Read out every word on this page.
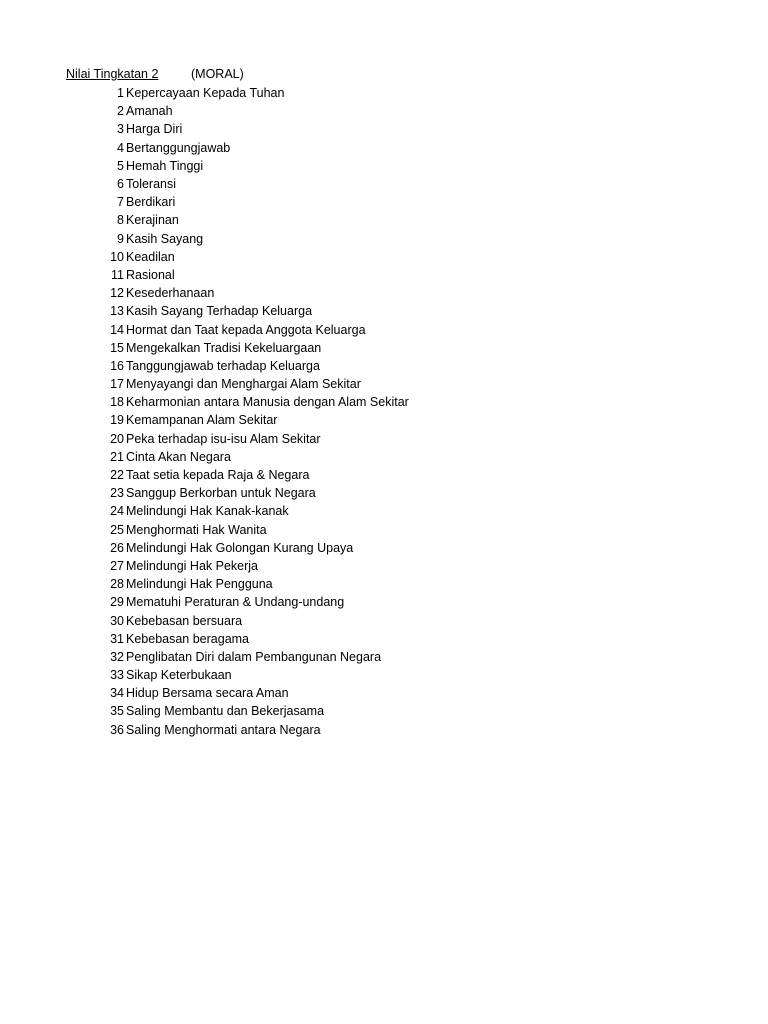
Nilai Tingkatan 2	(MORAL)
1 Kepercayaan Kepada Tuhan
2 Amanah
3 Harga Diri
4 Bertanggungjawab
5 Hemah Tinggi
6 Toleransi
7 Berdikari
8 Kerajinan
9 Kasih Sayang
10 Keadilan
11 Rasional
12 Kesederhanaan
13 Kasih Sayang Terhadap Keluarga
14 Hormat dan Taat kepada Anggota Keluarga
15 Mengekalkan Tradisi Kekeluargaan
16 Tanggungjawab terhadap Keluarga
17 Menyayangi dan Menghargai Alam Sekitar
18 Keharmonian antara Manusia dengan Alam Sekitar
19 Kemampanan Alam Sekitar
20 Peka terhadap isu-isu Alam Sekitar
21 Cinta Akan Negara
22 Taat setia kepada Raja & Negara
23 Sanggup Berkorban untuk Negara
24 Melindungi Hak Kanak-kanak
25 Menghormati Hak Wanita
26 Melindungi Hak Golongan Kurang Upaya
27 Melindungi Hak Pekerja
28 Melindungi Hak Pengguna
29 Mematuhi Peraturan & Undang-undang
30 Kebebasan bersuara
31 Kebebasan beragama
32 Penglibatan Diri dalam Pembangunan Negara
33 Sikap Keterbukaan
34 Hidup Bersama secara Aman
35 Saling Membantu dan Bekerjasama
36 Saling Menghormati antara Negara
